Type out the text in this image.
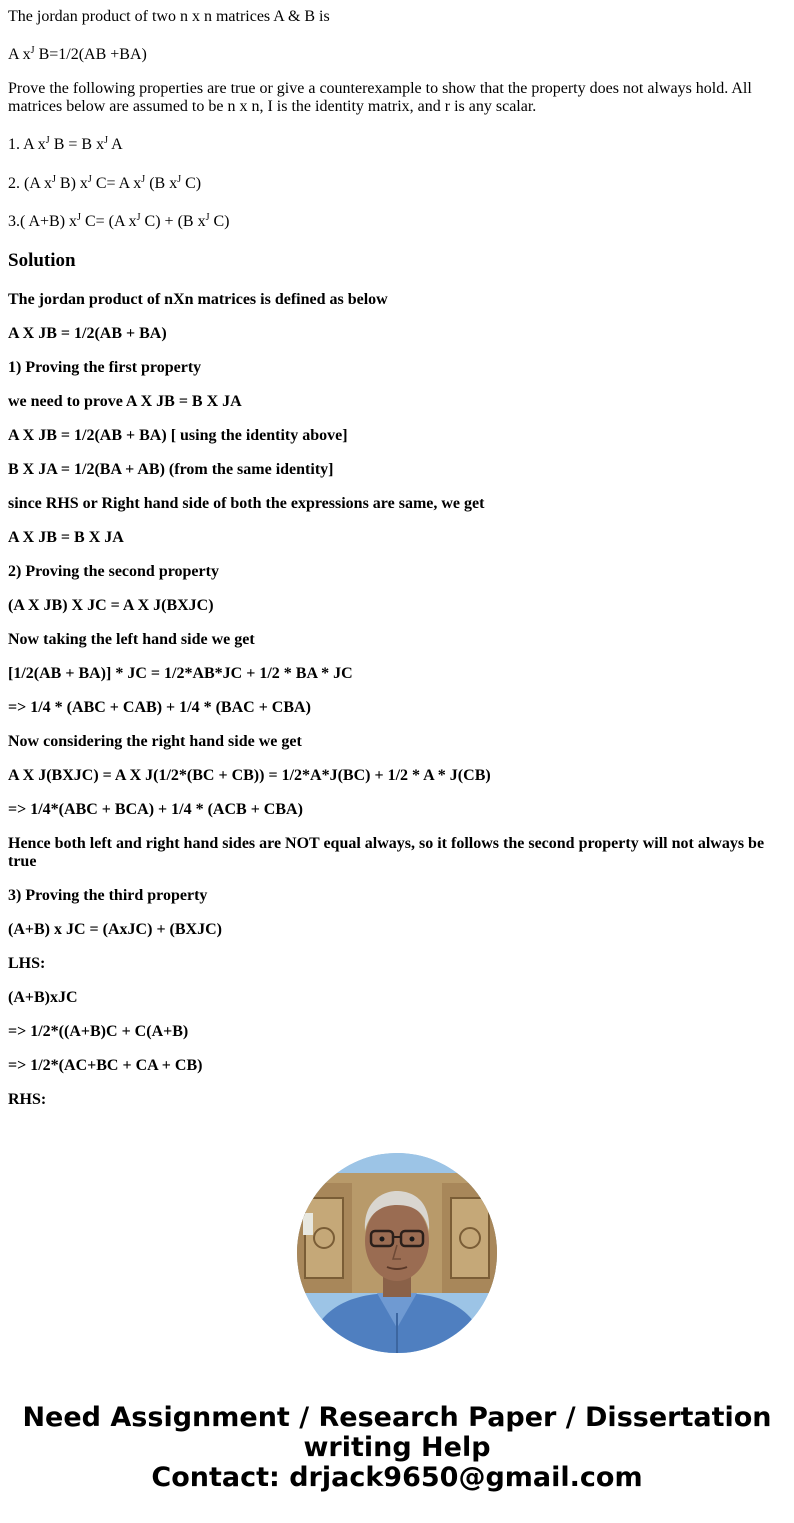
The jordan product of two n x n matrices A & B is

A $x^J$ B=1/2(AB +BA)

Prove the following properties are true or give a counterexample to show that the property does not always hold. All matrices below are assumed to be n x n, I is the identity matrix, and r is any scalar.

1. A $x^J$ B = B $x^J$ A

2. (A $x^J$ B) $x^J$ C= A $x^J$ (B $x^J$ C)

3.( A+B) $x^J$ C= (A $x^J$ C) + (B $x^J$ C)

Solution

The jordan product of nXn matrices is defined as below

A X JB = 1/2(AB + BA)

1) Proving the first property

we need to prove A X JB = B X JA

A X JB = 1/2(AB + BA) [ using the identity above]

B X JA = 1/2(BA + AB) (from the same identity]

since RHS or Right hand side of both the expressions are same, we get

A X JB = B X JA

2) Proving the second property

(A X JB) X JC = A X J(BXJC)

Now taking the left hand side we get

[1/2(AB + BA)] * JC = 1/2*AB*JC + 1/2 * BA * JC

=> 1/4 * (ABC + CAB) + 1/4 * (BAC + CBA)

Now considering the right hand side we get

A X J(BXJC) = A X J(1/2*(BC + CB)) = 1/2*A*J(BC) + 1/2 * A * J(CB)

=> 1/4*(ABC + BCA) + 1/4 * (ACB + CBA)

Hence both left and right hand sides are NOT equal always, so it follows the second property will not always be true

3) Proving the third property

(A+B) x JC = (AxJC) + (BXJC)

LHS:

(A+B)xJC

=> 1/2*((A+B)C + C(A+B)

=> 1/2*(AC+BC + CA + CB)

RHS:

Need Assignment / Research Paper / Dissertation
writing Help
Contact: drjack9650@gmail.com
